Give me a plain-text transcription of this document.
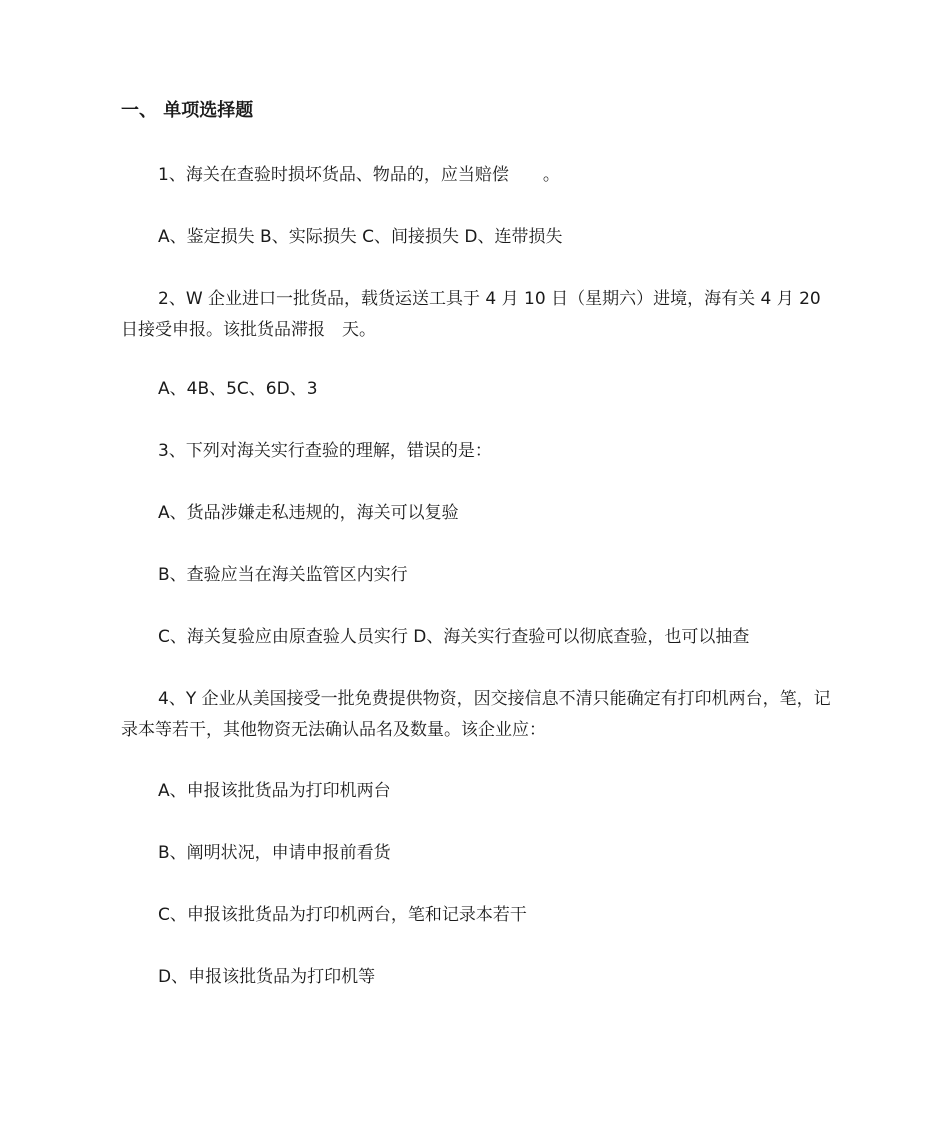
一、 单项选择题

1、海关在查验时损坏货品、物品的，应当赔偿　　。

A、鉴定损失 B、实际损失 C、间接损失 D、连带损失

2、W 企业进口一批货品，载货运送工具于 4 月 10 日（星期六）进境，海有关 4 月 20 日接受申报。该批货品滞报　天。

A、4B、5C、6D、3

3、下列对海关实行查验的理解，错误的是：

A、货品涉嫌走私违规的，海关可以复验

B、查验应当在海关监管区内实行

C、海关复验应由原查验人员实行 D、海关实行查验可以彻底查验，也可以抽查

4、Y 企业从美国接受一批免费提供物资，因交接信息不清只能确定有打印机两台，笔，记录本等若干，其他物资无法确认品名及数量。该企业应：

A、申报该批货品为打印机两台

B、阐明状况，申请申报前看货

C、申报该批货品为打印机两台，笔和记录本若干

D、申报该批货品为打印机等
